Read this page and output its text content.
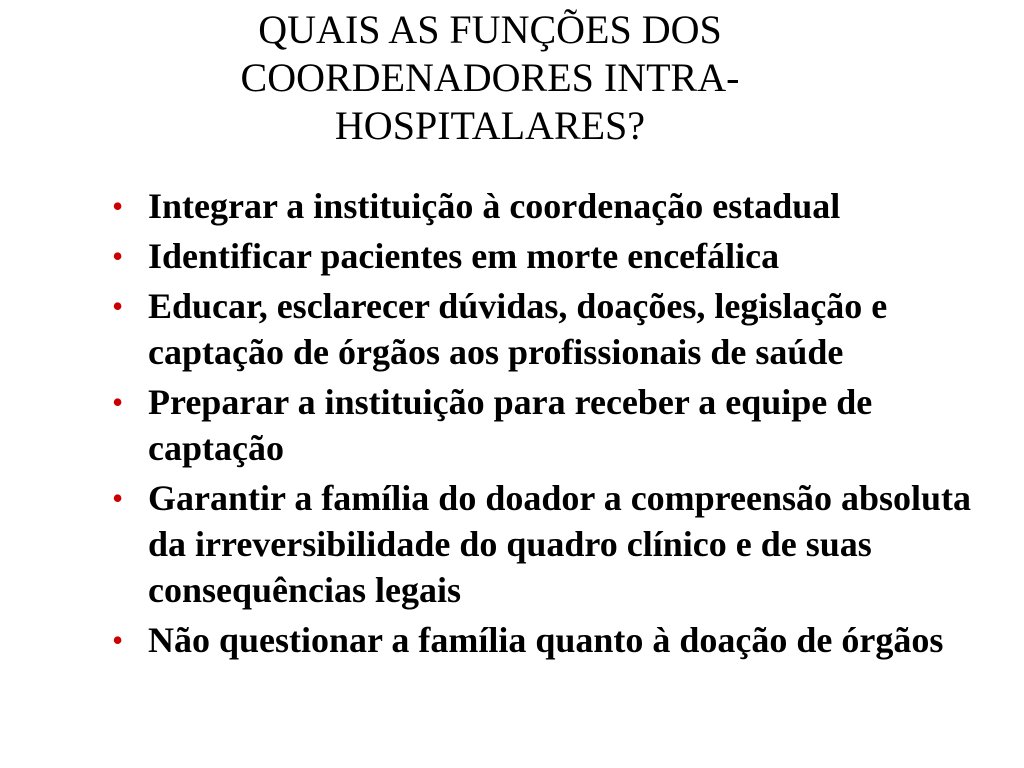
QUAIS AS FUNÇÕES DOS
COORDENADORES INTRA-
HOSPITALARES?
• Integrar a instituição à coordenação estadual
• Identificar pacientes em morte encefálica
• Educar, esclarecer dúvidas, doações, legislação e captação de órgãos aos profissionais de saúde
• Preparar a instituição para receber a equipe de captação
• Garantir a família do doador a compreensão absoluta da irreversibilidade do quadro clínico e de suas consequências legais
• Não questionar a família quanto à doação de órgãos
